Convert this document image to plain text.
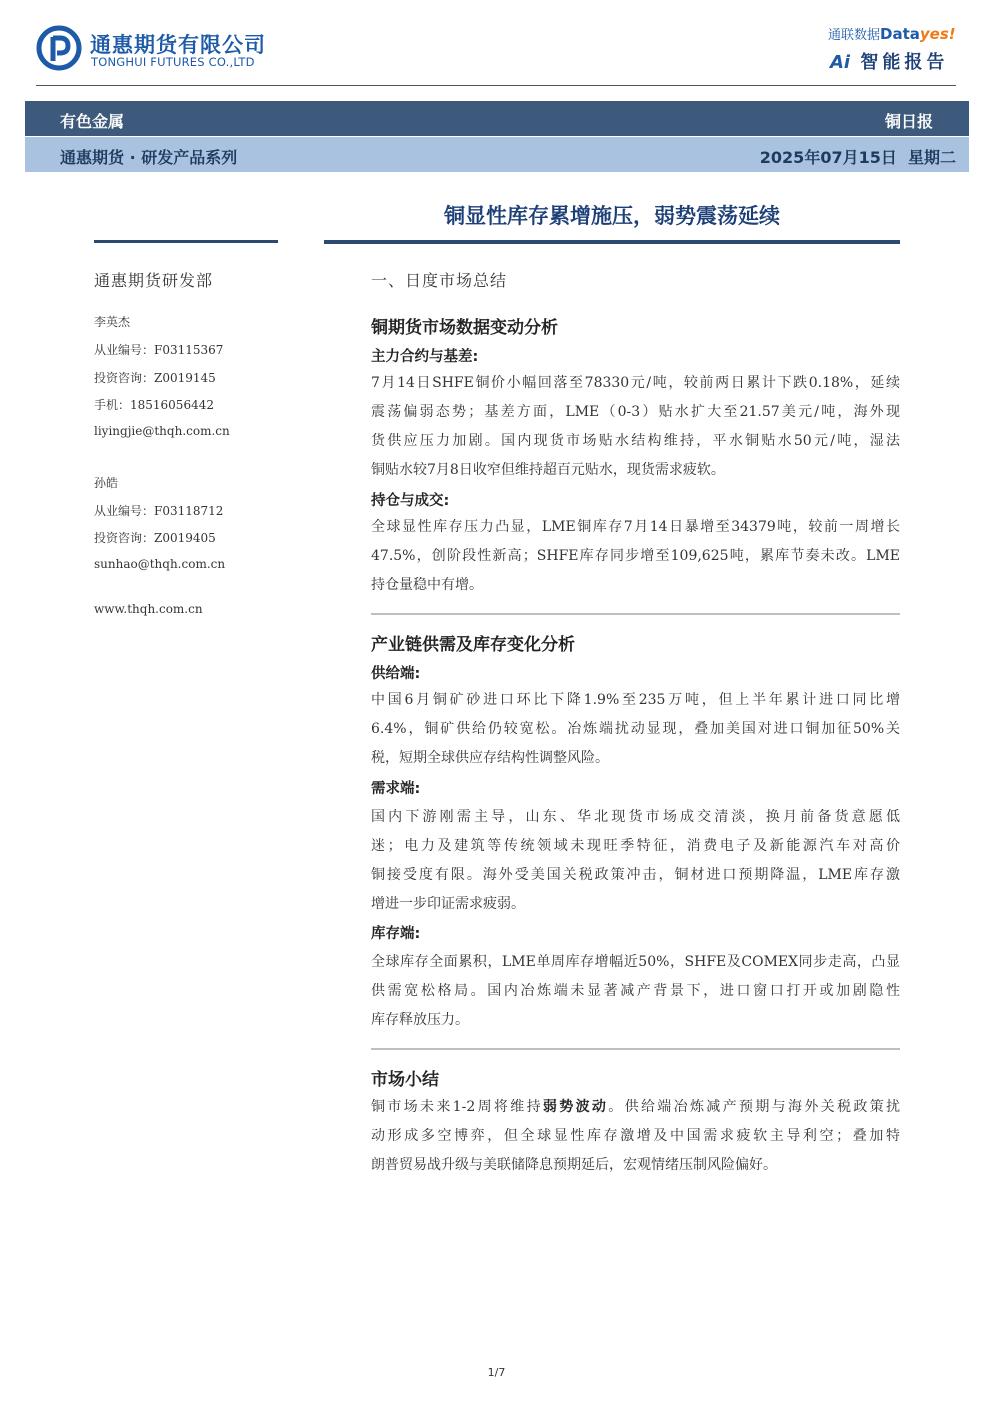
通惠期货有限公司
TONGHUI FUTURES CO.,LTD
通联数据Datayes!
Ai 智能报告
有色金属	铜日报
通惠期货 · 研发产品系列	2025年07月15日  星期二
铜显性库存累增施压，弱势震荡延续
通惠期货研发部
李英杰
从业编号：F03115367
投资咨询：Z0019145
手机：18516056442
liyingjie@thqh.com.cn
孙皓
从业编号：F03118712
投资咨询：Z0019405
sunhao@thqh.com.cn
www.thqh.com.cn
一、日度市场总结
铜期货市场数据变动分析
主力合约与基差:
7月14日SHFE铜价小幅回落至78330元/吨，较前两日累计下跌0.18%，延续
震荡偏弱态势；基差方面，LME（0-3）贴水扩大至21.57美元/吨，海外现
货供应压力加剧。国内现货市场贴水结构维持，平水铜贴水50元/吨，湿法
铜贴水较7月8日收窄但维持超百元贴水，现货需求疲软。
持仓与成交:
全球显性库存压力凸显，LME铜库存7月14日暴增至34379吨，较前一周增长
47.5%，创阶段性新高；SHFE库存同步增至109,625吨，累库节奏未改。LME
持仓量稳中有增。
产业链供需及库存变化分析
供给端:
中国6月铜矿砂进口环比下降1.9%至235万吨，但上半年累计进口同比增
6.4%，铜矿供给仍较宽松。冶炼端扰动显现，叠加美国对进口铜加征50%关
税，短期全球供应存结构性调整风险。
需求端:
国内下游刚需主导，山东、华北现货市场成交清淡，换月前备货意愿低
迷；电力及建筑等传统领域未现旺季特征，消费电子及新能源汽车对高价
铜接受度有限。海外受美国关税政策冲击，铜材进口预期降温，LME库存激
增进一步印证需求疲弱。
库存端:
全球库存全面累积，LME单周库存增幅近50%，SHFE及COMEX同步走高，凸显
供需宽松格局。国内冶炼端未显著减产背景下，进口窗口打开或加剧隐性
库存释放压力。
市场小结
铜市场未来1-2周将维持弱势波动。供给端冶炼减产预期与海外关税政策扰
动形成多空博弈，但全球显性库存激增及中国需求疲软主导利空；叠加特
朗普贸易战升级与美联储降息预期延后，宏观情绪压制风险偏好。
1/7
